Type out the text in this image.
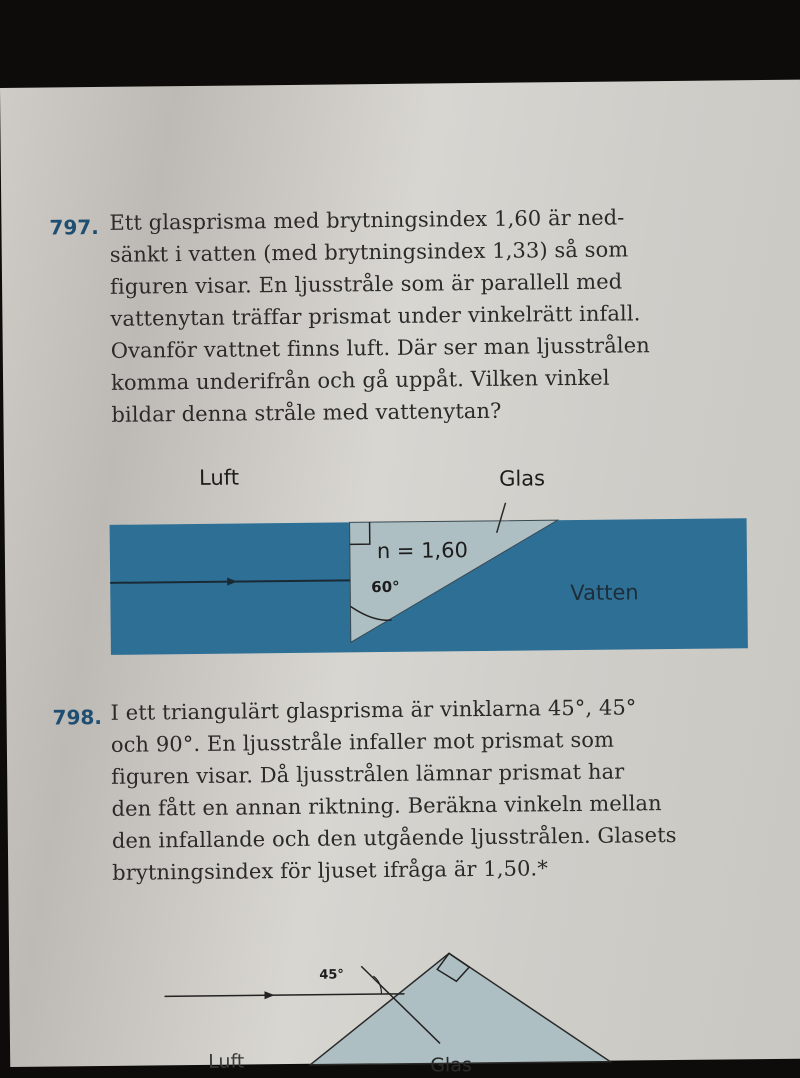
797. Ett glasprisma med brytningsindex 1,60 är ned-
sänkt i vatten (med brytningsindex 1,33) så som
figuren visar. En ljusstråle som är parallell med
vattenytan träffar prismat under vinkelrätt infall.
Ovanför vattnet finns luft. Där ser man ljusstrålen
komma underifrån och gå uppåt. Vilken vinkel
bildar denna stråle med vattenytan?
Luft	Glas
n = 1,60
60°	Vatten
798. I ett triangulärt glasprisma är vinklarna 45°, 45°
och 90°. En ljusstråle infaller mot prismat som
figuren visar. Då ljusstrålen lämnar prismat har
den fått en annan riktning. Beräkna vinkeln mellan
den infallande och den utgående ljusstrålen. Glasets
brytningsindex för ljuset ifråga är 1,50.*
45°
Luft	Glas
